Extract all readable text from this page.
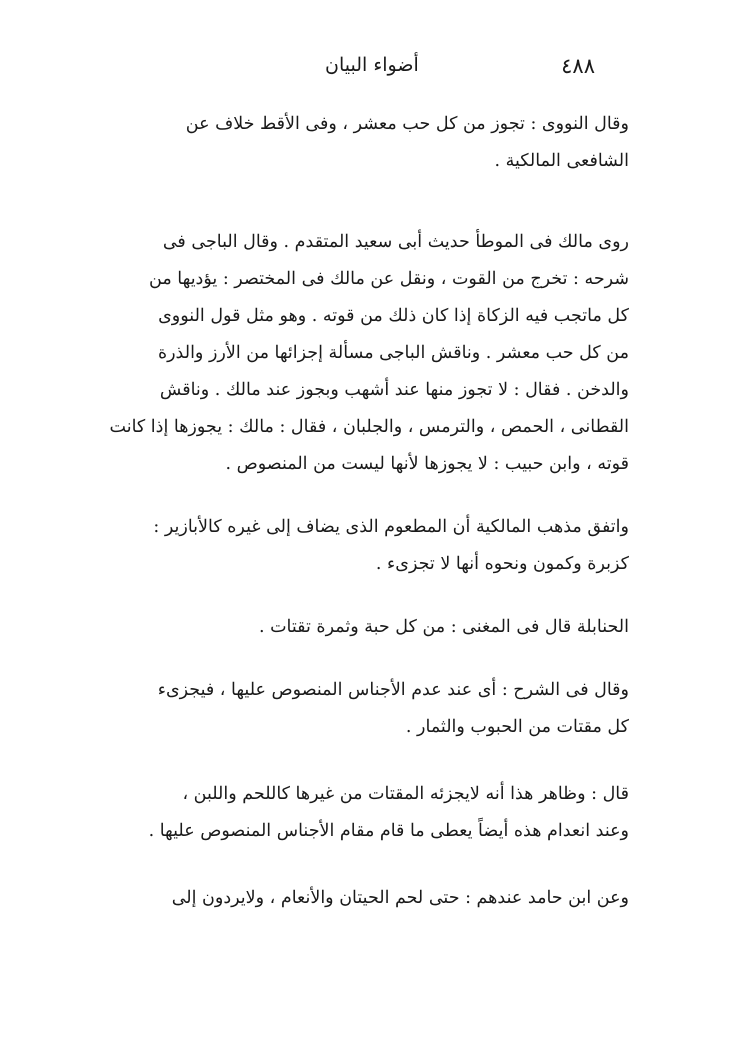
٤٨٨
أضواء البيان
وقال النووى : تجوز من كل حب معشر ، وفى الأقط خلاف عن
الشافعى المالكية .
روى مالك فى الموطأ حديث أبى سعيد المتقدم . وقال الباجى فى
شرحه : تخرج من القوت ، ونقل عن مالك فى المختصر : يؤديها من
كل ماتجب فيه الزكاة إذا كان ذلك من قوته . وهو مثل قول النووى
من كل حب معشر . وناقش الباجى مسألة إجزائها من الأرز والذرة
والدخن . فقال : لا تجوز منها عند أشهب وبجوز عند مالك . وناقش
القطانى ، الحمص ، والترمس ، والجلبان ، فقال : مالك : يجوزها إذا كانت
قوته ، وابن حبيب : لا يجوزها لأنها ليست من المنصوص .
واتفق مذهب المالكية أن المطعوم الذى يضاف إلى غيره كالأبازير :
كزبرة وكمون ونحوه أنها لا تجزىء .
الحنابلة قال فى المغنى : من كل حبة وثمرة تقتات .
وقال فى الشرح : أى عند عدم الأجناس المنصوص عليها ، فيجزىء
كل مقتات من الحبوب والثمار .
قال : وظاهر هذا أنه لايجزئه المقتات من غيرها كاللحم واللبن ،
وعند انعدام هذه أيضاً يعطى ما قام مقام الأجناس المنصوص عليها .
وعن ابن حامد عندهم : حتى لحم الحيتان والأنعام ، ولايردون إلى
